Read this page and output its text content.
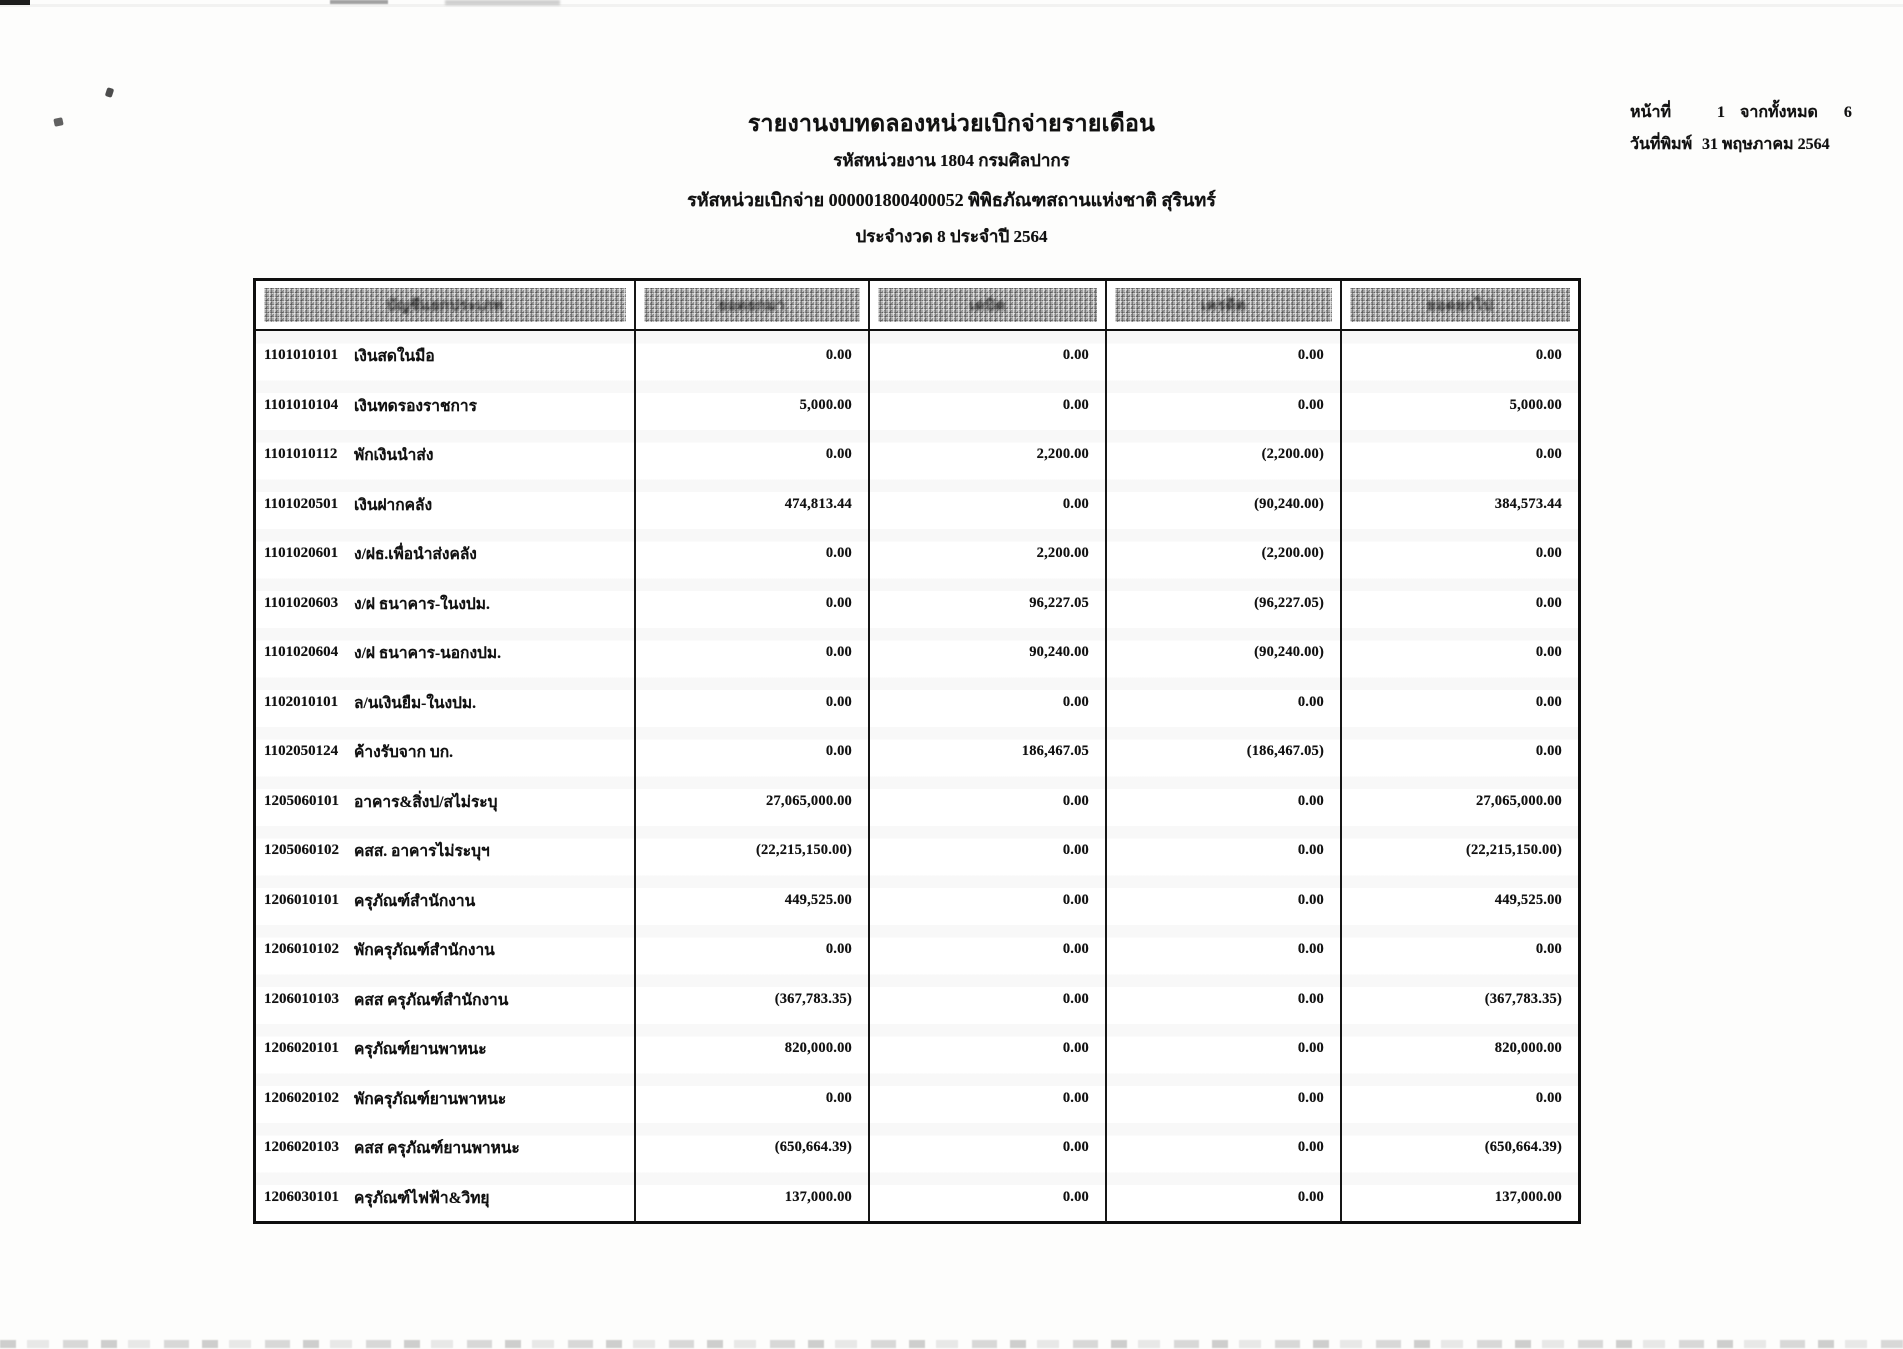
รายงานงบทดลองหน่วยเบิกจ่ายรายเดือน
รหัสหน่วยงาน 1804 กรมศิลปากร
รหัสหน่วยเบิกจ่าย 000001800400052 พิพิธภัณฑสถานแห่งชาติ สุรินทร์
ประจำงวด 8 ประจำปี 2564
หน้าที่	1 จากทั้งหมด 6
วันที่พิมพ์ 31 พฤษภาคม 2564
บัญชีแยกประเภท	ยอดยกมา	เดบิต	เครดิต	ยอดยกไป
1101010101	เงินสดในมือ	0.00	0.00	0.00	0.00
1101010104	เงินทดรองราชการ	5,000.00	0.00	0.00	5,000.00
1101010112	พักเงินนำส่ง	0.00	2,200.00	(2,200.00)	0.00
1101020501	เงินฝากคลัง	474,813.44	0.00	(90,240.00)	384,573.44
1101020601	ง/ฝธ.เพื่อนำส่งคลัง	0.00	2,200.00	(2,200.00)	0.00
1101020603	ง/ฝ ธนาคาร-ในงปม.	0.00	96,227.05	(96,227.05)	0.00
1101020604	ง/ฝ ธนาคาร-นอกงปม.	0.00	90,240.00	(90,240.00)	0.00
1102010101	ล/นเงินยืม-ในงปม.	0.00	0.00	0.00	0.00
1102050124	ค้างรับจาก บก.	0.00	186,467.05	(186,467.05)	0.00
1205060101 อาคาร&สิ่งป/สไม่ระบุ	27,065,000.00	0.00	0.00	27,065,000.00
1205060102 คสส. อาคารไม่ระบุฯ	(22,215,150.00)	0.00	0.00	(22,215,150.00)
1206010101 ครุภัณฑ์สำนักงาน	449,525.00	0.00	0.00	449,525.00
1206010102 พักครุภัณฑ์สำนักงาน	0.00	0.00	0.00	0.00
1206010103 คสส ครุภัณฑ์สำนักงาน	(367,783.35)	0.00	0.00	(367,783.35)
1206020101 ครุภัณฑ์ยานพาหนะ	820,000.00	0.00	0.00	820,000.00
1206020102 พักครุภัณฑ์ยานพาหนะ	0.00	0.00	0.00	0.00
1206020103 คสส ครุภัณฑ์ยานพาหนะ	(650,664.39)	0.00	0.00	(650,664.39)
1206030101 ครุภัณฑ์ไฟฟ้า&วิทยุ	137,000.00	0.00	0.00	137,000.00
